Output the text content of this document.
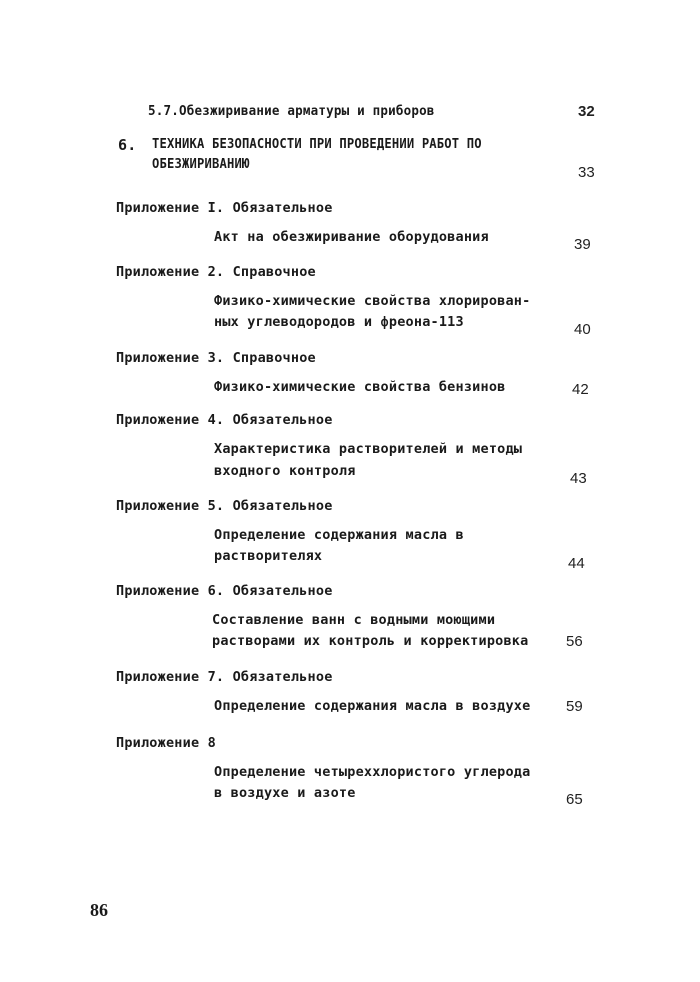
5.7.Обезжиривание арматуры и приборов	32
6. ТЕХНИКА БЕЗОПАСНОСТИ ПРИ ПРОВЕДЕНИИ РАБОТ ПО
ОБЕЗЖИРИВАНИЮ	33
Приложение I. Обязательное
Акт на обезжиривание оборудования	39
Приложение 2. Справочное
Физико-химические свойства хлорирован-
ных углеводородов и фреона-113	40
Приложение 3. Справочное
Физико-химические свойства бензинов	42
Приложение 4. Обязательное
Характеристика растворителей и методы
входного контроля	43
Приложение 5. Обязательное
Определение содержания масла в
растворителях	44
Приложение 6. Обязательное
Составление ванн с водными моющими
растворами их контроль и корректировка	56
Приложение 7. Обязательное
Определение содержания масла в воздухе 59
Приложение 8
Определение четыреххлористого углерода
в воздухе и азоте	65
86
